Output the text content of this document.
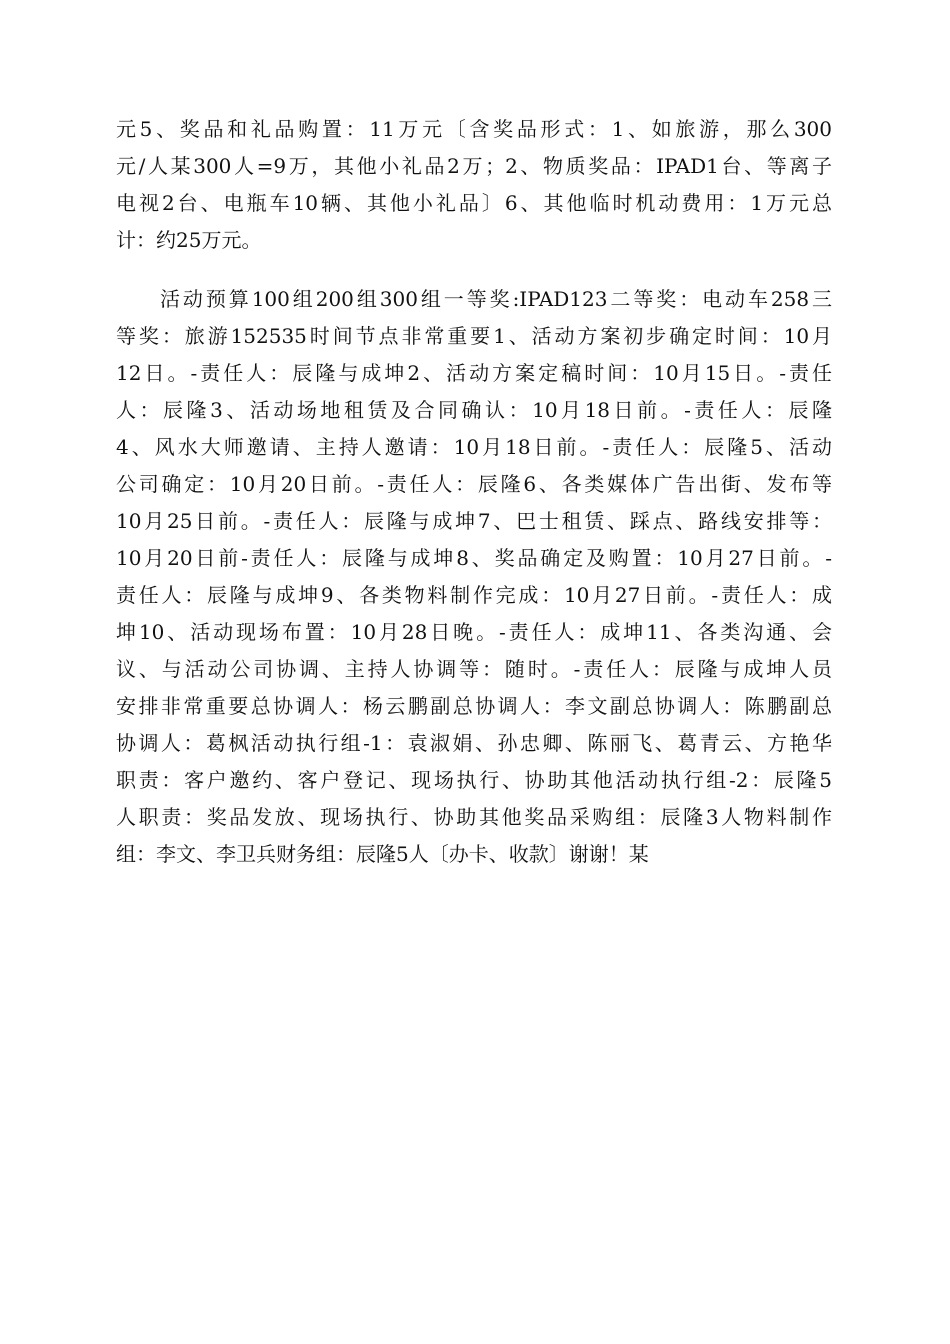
元5、奖品和礼品购置：11万元〔含奖品形式：1、如旅游，那么300
元/人某300人=9万，其他小礼品2万；2、物质奖品：IPAD1台、等离子
电视2台、电瓶车10辆、其他小礼品〕6、其他临时机动费用：1万元总
计：约25万元。
活动预算100组200组300组一等奖:IPAD123二等奖：电动车258三
等奖：旅游152535时间节点非常重要1、活动方案初步确定时间：10月
12日。-责任人：辰隆与成坤2、活动方案定稿时间：10月15日。-责任
人：辰隆3、活动场地租赁及合同确认：10月18日前。-责任人：辰隆
4、风水大师邀请、主持人邀请：10月18日前。-责任人：辰隆5、活动
公司确定：10月20日前。-责任人：辰隆6、各类媒体广告出街、发布等
10月25日前。-责任人：辰隆与成坤7、巴士租赁、踩点、路线安排等：
10月20日前-责任人：辰隆与成坤8、奖品确定及购置：10月27日前。-
责任人：辰隆与成坤9、各类物料制作完成：10月27日前。-责任人：成
坤10、活动现场布置：10月28日晚。-责任人：成坤11、各类沟通、会
议、与活动公司协调、主持人协调等：随时。-责任人：辰隆与成坤人员
安排非常重要总协调人：杨云鹏副总协调人：李文副总协调人：陈鹏副总
协调人：葛枫活动执行组-1：袁淑娟、孙忠卿、陈丽飞、葛青云、方艳华
职责：客户邀约、客户登记、现场执行、协助其他活动执行组-2：辰隆5
人职责：奖品发放、现场执行、协助其他奖品采购组：辰隆3人物料制作
组：李文、李卫兵财务组：辰隆5人〔办卡、收款〕谢谢！某
